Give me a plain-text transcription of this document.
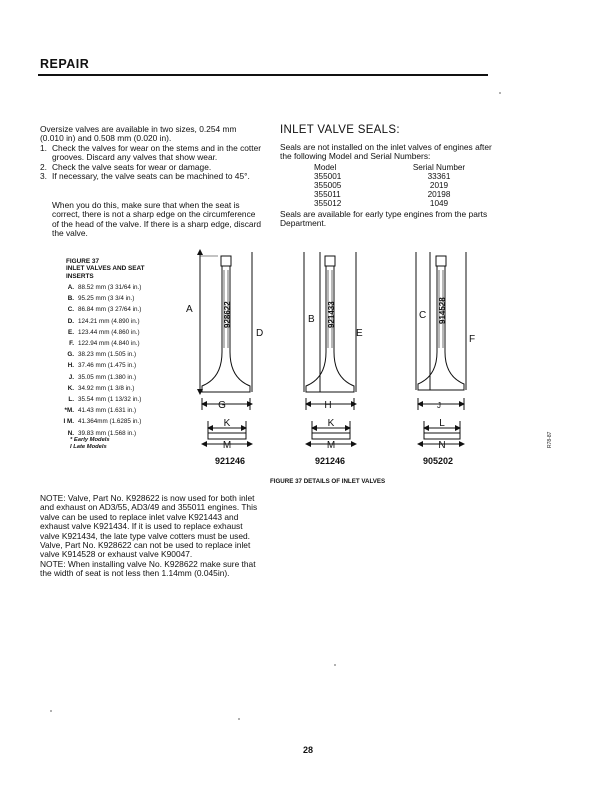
REPAIR
Oversize valves are available in two sizes, 0.254 mm (0.010 in) and 0.508 mm (0.020 in).
1. Check the valves for wear on the stems and in the cotter grooves. Discard any valves that show wear.
2. Check the valve seats for wear or damage.
3. If necessary, the valve seats can be machined to 45°.
When you do this, make sure that when the seat is correct, there is not a sharp edge on the circumference of the head of the valve. If there is a sharp edge, discard the valve.
INLET VALVE SEALS:
Seals are not installed on the inlet valves of engines after the following Model and Serial Numbers:
Model	Serial Number
355001	33361
355005	2019
355011	20198
355012	1049
Seals are available for early type engines from the parts Department.
FIGURE 37
INLET VALVES AND SEAT
INSERTS
A. 88.52 mm (3 31/64 in.)
B. 95.25 mm (3 3/4 in.)
C. 86.84 mm (3 27/64 in.)
D. 124.21 mm (4.890 in.)
E. 123.44 mm (4.860 in.)
F. 122.94 mm (4.840 in.)
G. 38.23 mm (1.505 in.)
H. 37.46 mm (1.475 in.)
J. 35.05 mm (1.380 in.)
K. 34.92 mm (1 3/8 in.)
L. 35.54 mm (1 13/32 in.)
*M. 41.43 mm (1.631 in.)
I M. 41.364mm (1.6285 in.)
N. 39.83 mm (1.568 in.)
* Early Models
I Late Models
A
D
G
K
M
B
E
H
K
M
C
F
J
L
N
928622	921433	914528
921246	921246	905202
R78-87
FIGURE 37 DETAILS OF INLET VALVES

NOTE: Valve, Part No. K928622 is now used for both inlet and exhaust on AD3/55, AD3/49 and 355011 engines. This valve can be used to replace inlet valve K921443 and exhaust valve K921434. If it is used to replace exhaust valve K921434, the late type valve cotters must be used.

Valve, Part No. K928622 can not be used to replace inlet valve K914528 or exhaust valve K90047.

NOTE: When installing valve No. K928622 make sure that the width of seat is not less then 1.14mm (0.045in).

28
